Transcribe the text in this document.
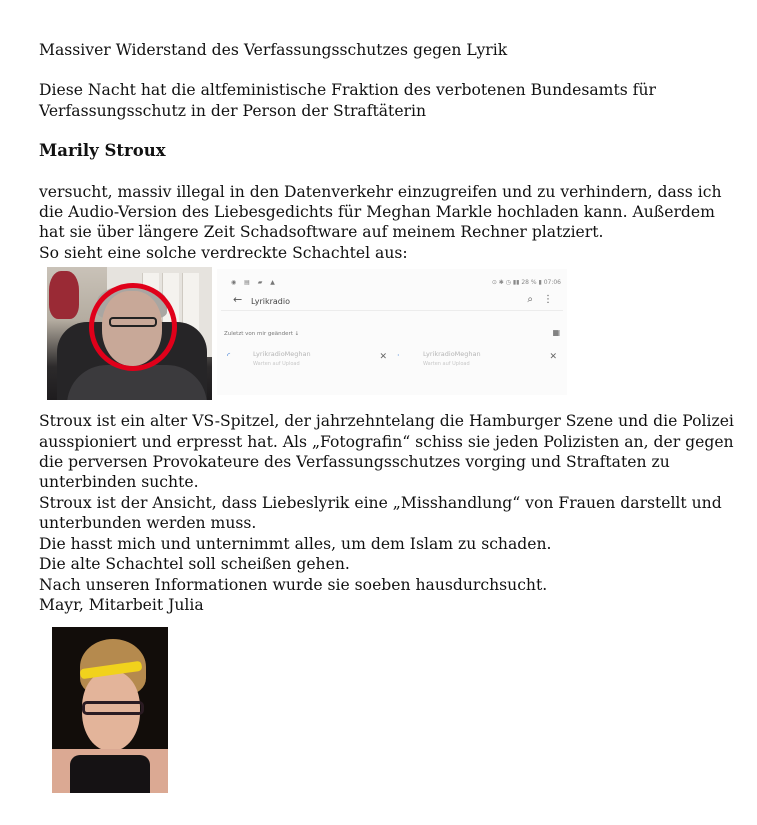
Massiver Widerstand des Verfassungsschutzes gegen Lyrik

Diese Nacht hat die altfeministische Fraktion des verbotenen Bundesamts für Verfassungsschutz in der Person der Straftäterin

Marily Stroux

versucht, massiv illegal in den Datenverkehr einzugreifen und zu verhindern, dass ich die Audio-Version des Liebesgedichts für Meghan Markle hochladen kann. Außerdem hat sie über längere Zeit Schadsoftware auf meinem Rechner platziert.

So sieht eine solche verdreckte Schachtel aus:

◉ ▤ ▰ ▲	⊙ ✱ ◷ ▮▮ 28 % ▮ 07:06
← Lyrikradio	⌕ ⋮
Zuletzt von mir geändert ↓	▦
◜	LyrikradioMeghan
Warten auf Upload
✕ ·	LyrikradioMeghan
Warten auf Upload
✕

Stroux ist ein alter VS-Spitzel, der jahrzehntelang die Hamburger Szene und die Polizei ausspioniert und erpresst hat. Als „Fotografin“ schiss sie jeden Polizisten an, der gegen die perversen Provokateure des Verfassungsschutzes vorging und Straftaten zu unterbinden suchte.

Stroux ist der Ansicht, dass Liebeslyrik eine „Misshandlung“ von Frauen darstellt und unterbunden werden muss.

Die hasst mich und unternimmt alles, um dem Islam zu schaden.

Die alte Schachtel soll scheißen gehen.

Nach unseren Informationen wurde sie soeben hausdurchsucht.

Mayr, Mitarbeit Julia
